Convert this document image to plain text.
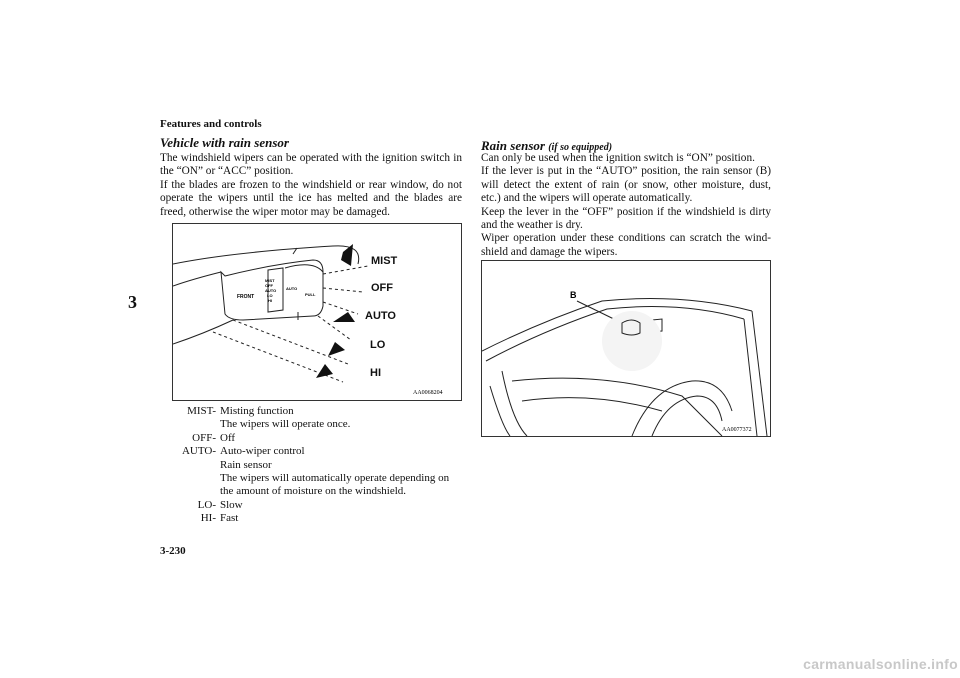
Features and controls
3
Vehicle with rain sensor

The windshield wipers can be operated with the ignition switch in the “ON” or “ACC” position.

If the blades are frozen to the windshield or rear window, do not operate the wipers until the ice has melted and the blades are freed, otherwise the wiper motor may be damaged.

FRONT
MIST
OFF
AUTO
LO
HI
AUTO
PULL
MIST
OFF
AUTO
LO
HI
AA0068204
MIST- Misting function
The wipers will operate once.
OFF- Off
AUTO- Auto-wiper control
Rain sensor
The wipers will automatically operate depending on the amount of moisture on the windshield.
LO- Slow
HI- Fast
Rain sensor (if so equipped)

Can only be used when the ignition switch is “ON” position.

If the lever is put in the “AUTO” position, the rain sensor (B) will detect the extent of rain (or snow, other moisture, dust, etc.) and the wipers will operate automatically.

Keep the lever in the “OFF” position if the windshield is dirty and the weather is dry.

Wiper operation under these conditions can scratch the wind-shield and damage the wipers.

B
AA0077372
3-230
carmanualsonline.info
